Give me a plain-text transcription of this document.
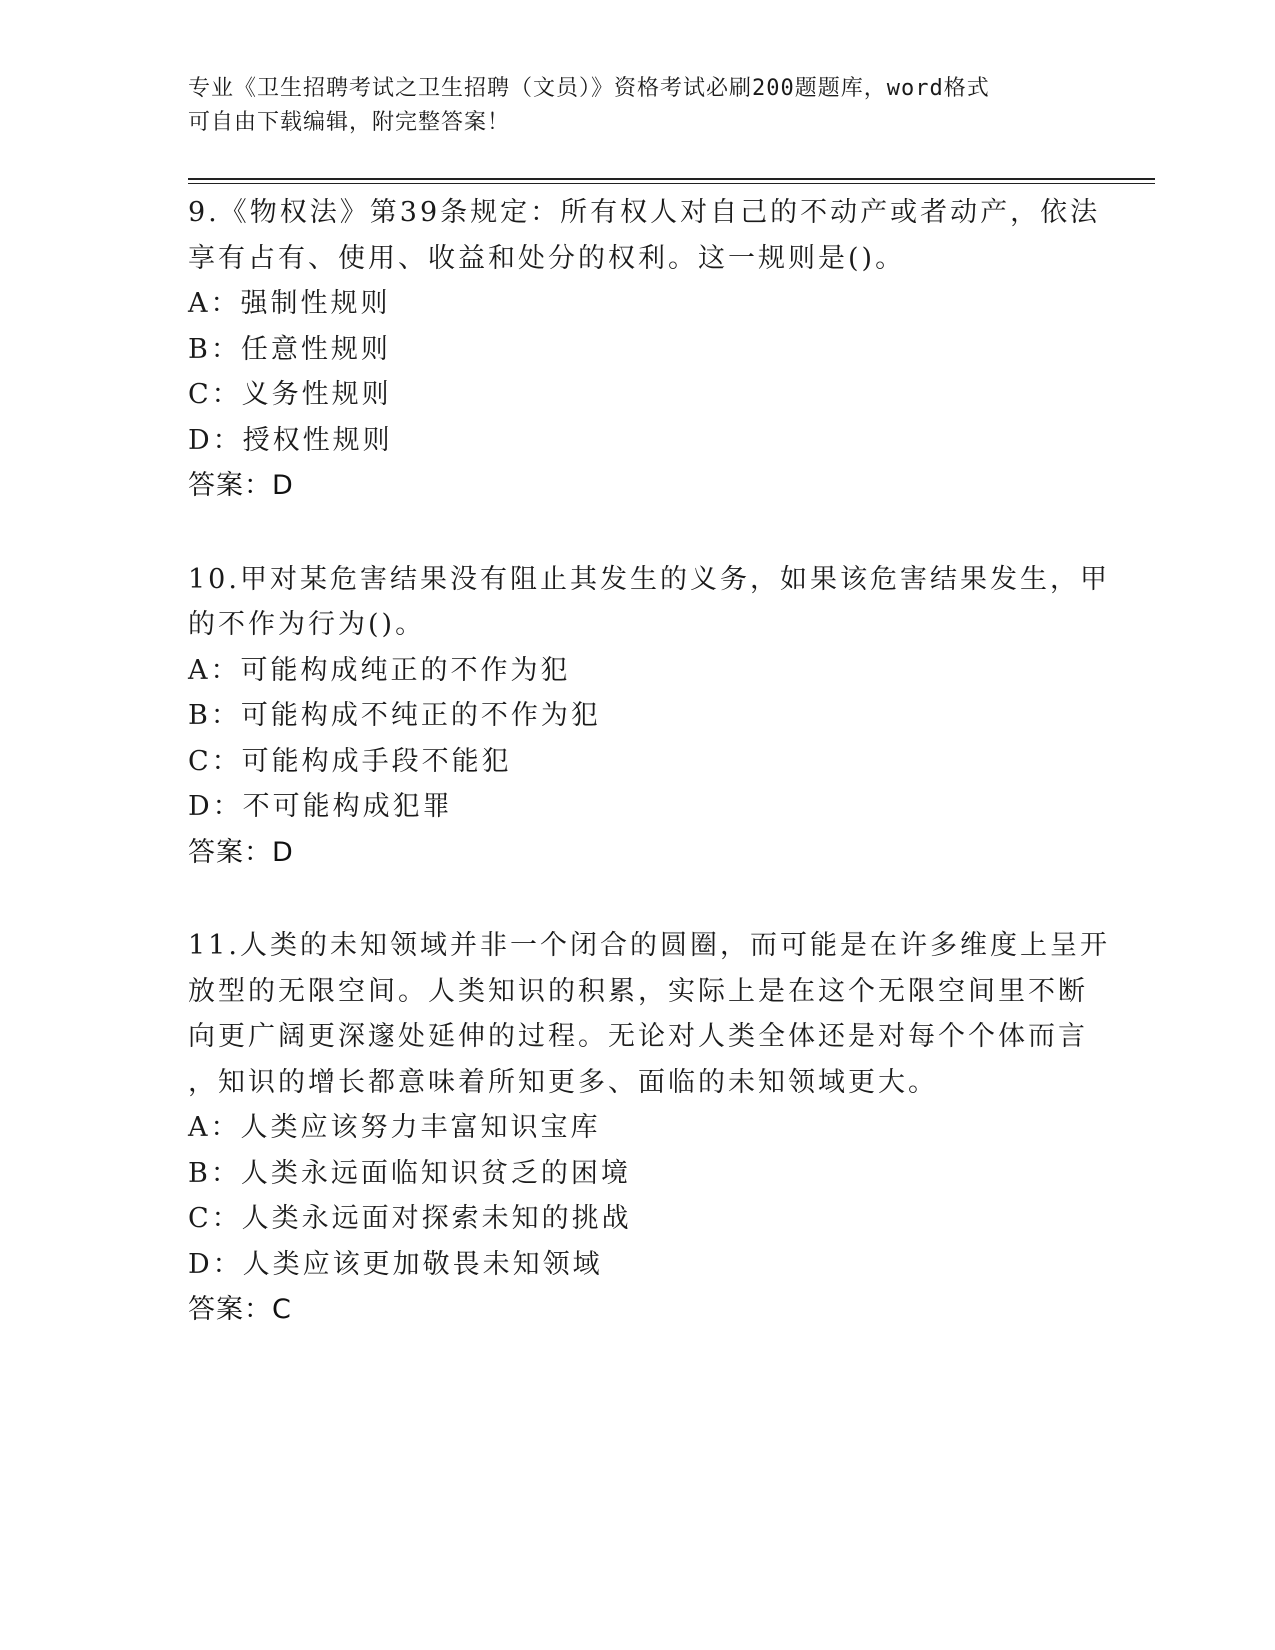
专业《卫生招聘考试之卫生招聘（文员）》资格考试必刷200题题库，word格式
可自由下载编辑，附完整答案！
9.《物权法》第39条规定：所有权人对自己的不动产或者动产，依法
享有占有、使用、收益和处分的权利。这一规则是()。
A：强制性规则
B：任意性规则
C：义务性规则
D：授权性规则
答案：D
10.甲对某危害结果没有阻止其发生的义务，如果该危害结果发生，甲
的不作为行为()。
A：可能构成纯正的不作为犯
B：可能构成不纯正的不作为犯
C：可能构成手段不能犯
D：不可能构成犯罪
答案：D
11.人类的未知领域并非一个闭合的圆圈，而可能是在许多维度上呈开
放型的无限空间。人类知识的积累，实际上是在这个无限空间里不断
向更广阔更深邃处延伸的过程。无论对人类全体还是对每个个体而言
，知识的增长都意味着所知更多、面临的未知领域更大。
A：人类应该努力丰富知识宝库
B：人类永远面临知识贫乏的困境
C：人类永远面对探索未知的挑战
D：人类应该更加敬畏未知领域
答案：C
